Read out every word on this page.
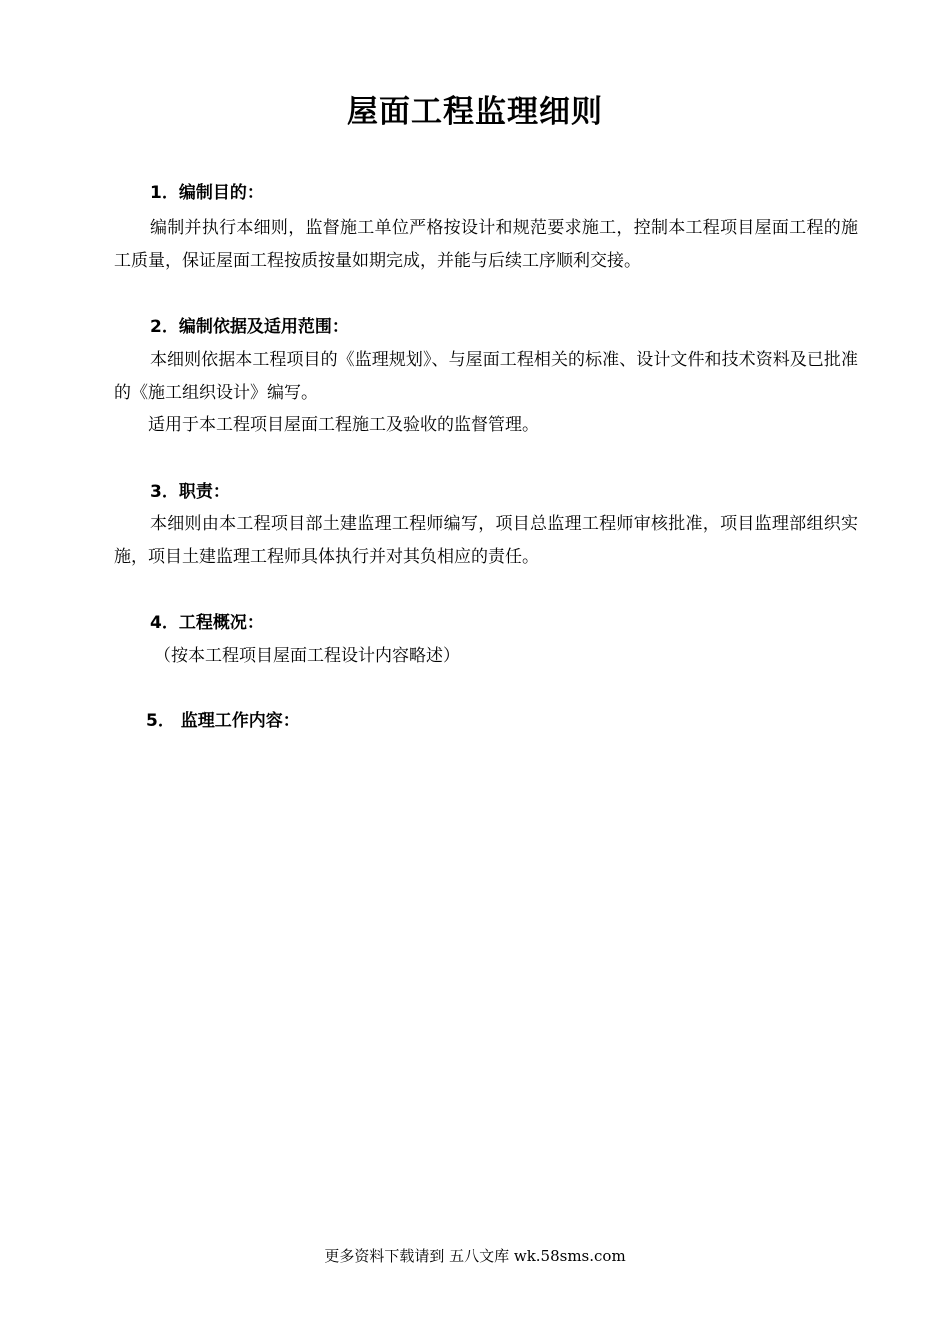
屋面工程监理细则
1．编制目的：

编制并执行本细则，监督施工单位严格按设计和规范要求施工，控制本工程项目屋面工程的施工质量，保证屋面工程按质按量如期完成，并能与后续工序顺利交接。

2．编制依据及适用范围：

本细则依据本工程项目的《监理规划》、与屋面工程相关的标准、设计文件和技术资料及已批准的《施工组织设计》编写。

适用于本工程项目屋面工程施工及验收的监督管理。
3．职责：

本细则由本工程项目部土建监理工程师编写，项目总监理工程师审核批准，项目监理部组织实施，项目土建监理工程师具体执行并对其负相应的责任。

4．工程概况：
（按本工程项目屋面工程设计内容略述）
5． 监理工作内容：
更多资料下载请到 五八文库 wk.58sms.com
